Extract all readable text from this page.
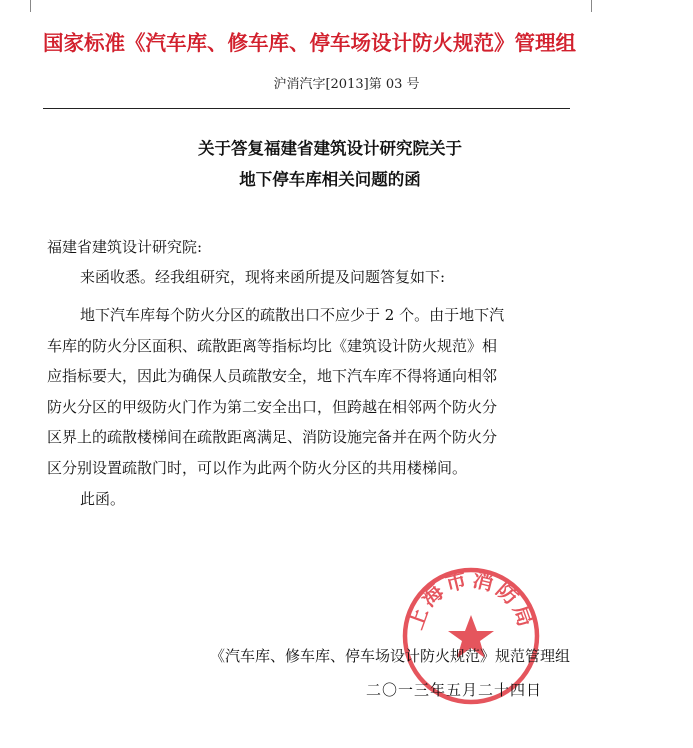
国家标准《汽车库、修车库、停车场设计防火规范》管理组
沪消汽字[2013]第 03 号
关于答复福建省建筑设计研究院关于
地下停车库相关问题的函
福建省建筑设计研究院:
来函收悉。经我组研究，现将来函所提及问题答复如下:
地下汽车库每个防火分区的疏散出口不应少于 2 个。由于地下汽
车库的防火分区面积、疏散距离等指标均比《建筑设计防火规范》相
应指标要大，因此为确保人员疏散安全，地下汽车库不得将通向相邻
防火分区的甲级防火门作为第二安全出口，但跨越在相邻两个防火分
区界上的疏散楼梯间在疏散距离满足、消防设施完备并在两个防火分
区分别设置疏散门时，可以作为此两个防火分区的共用楼梯间。
此函。
上海市消防局
《汽车库、修车库、停车场设计防火规范》规范管理组
二〇一三年五月二十四日
